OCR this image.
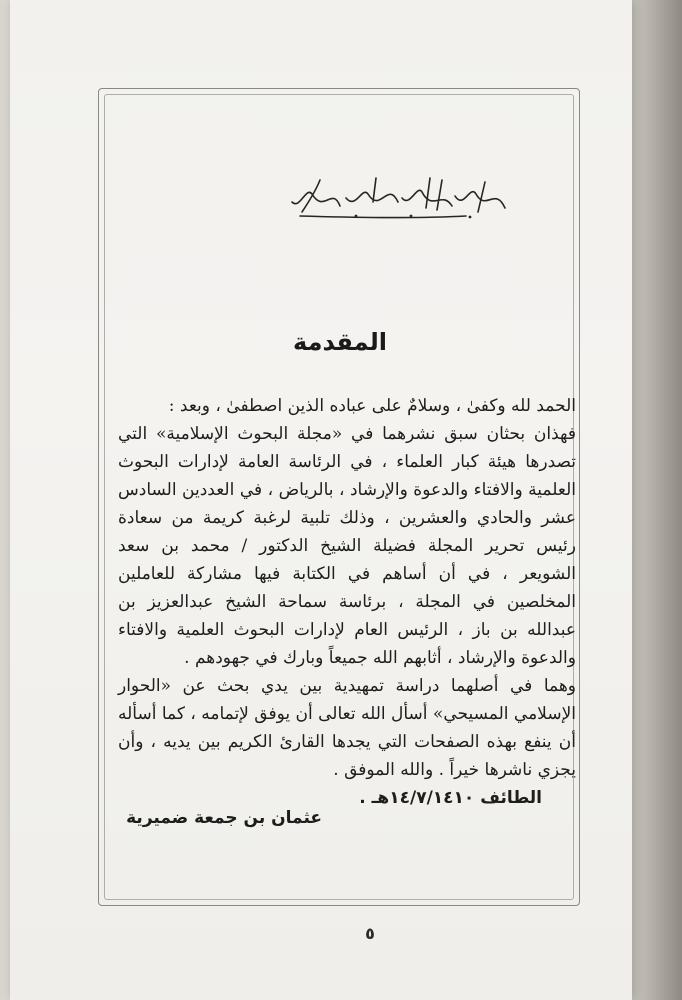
المقدمة

الحمد لله وكفىٰ ، وسلامٌ على عباده الذين اصطفىٰ ، وبعد :

فهذان بحثان سبق نشرهما في «مجلة البحوث الإسلامية» التي تصدرها هيئة كبار العلماء ، في الرئاسة العامة لإدارات البحوث العلمية والافتاء والدعوة والإرشاد ، بالرياض ، في العددين السادس عشر والحادي والعشرين ، وذلك تلبية لرغبة كريمة من سعادة رئيس تحرير المجلة فضيلة الشيخ الدكتور / محمد بن سعد الشويعر ، في أن أساهم في الكتابة فيها مشاركة للعاملين المخلصين في المجلة ، برئاسة سماحة الشيخ عبدالعزيز بن عبدالله بن باز ، الرئيس العام لإدارات البحوث العلمية والافتاء والدعوة والإرشاد ، أثابهم الله جميعاً وبارك في جهودهم .

وهما في أصلهما دراسة تمهيدية بين يدي بحث عن «الحوار الإسلامي المسيحي» أسأل الله تعالى أن يوفق لإتمامه ، كما أسأله أن ينفع بهذه الصفحات التي يجدها القارئ الكريم بين يديه ، وأن يجزي ناشرها خيراً . والله الموفق .

الطائف ١٤/٧/١٤١٠هـ .

عثمان بن جمعة ضميرية
٥
